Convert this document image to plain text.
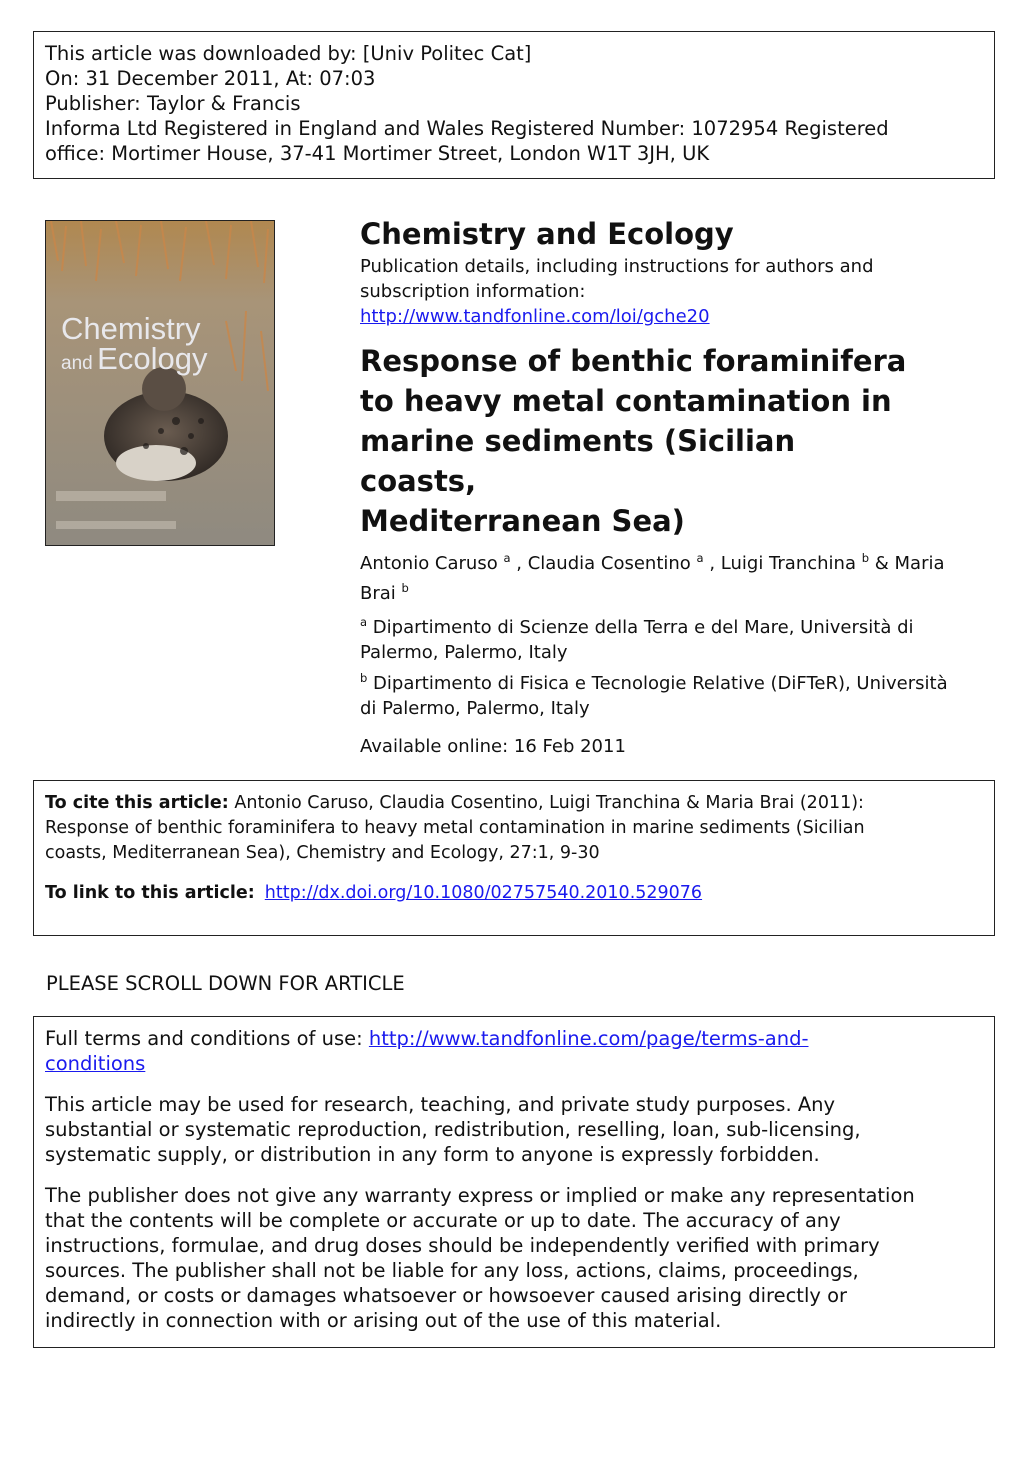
This article was downloaded by: [Univ Politec Cat]
On: 31 December 2011, At: 07:03
Publisher: Taylor & Francis
Informa Ltd Registered in England and Wales Registered Number: 1072954 Registered
office: Mortimer House, 37-41 Mortimer Street, London W1T 3JH, UK
Chemistry
and Ecology
Chemistry and Ecology
Publication details, including instructions for authors and
subscription information:
http://www.tandfonline.com/loi/gche20
Response of benthic foraminifera
to heavy metal contamination in
marine sediments (Sicilian coasts,
Mediterranean Sea)
Antonio Caruso $^a$ , Claudia Cosentino $^a$ , Luigi Tranchina $^b$ & Maria
Brai $^b$
$^a$ Dipartimento di Scienze della Terra e del Mare, Università di
Palermo, Palermo, Italy
$^b$ Dipartimento di Fisica e Tecnologie Relative (DiFTeR), Università
di Palermo, Palermo, Italy
Available online: 16 Feb 2011
To cite this article: Antonio Caruso, Claudia Cosentino, Luigi Tranchina & Maria Brai (2011):
Response of benthic foraminifera to heavy metal contamination in marine sediments (Sicilian
coasts, Mediterranean Sea), Chemistry and Ecology, 27:1, 9-30
To link to this article: http://dx.doi.org/10.1080/02757540.2010.529076
PLEASE SCROLL DOWN FOR ARTICLE

Full terms and conditions of use: http://www.tandfonline.com/page/terms-and-
conditions

This article may be used for research, teaching, and private study purposes. Any
substantial or systematic reproduction, redistribution, reselling, loan, sub-licensing,
systematic supply, or distribution in any form to anyone is expressly forbidden.

The publisher does not give any warranty express or implied or make any representation
that the contents will be complete or accurate or up to date. The accuracy of any
instructions, formulae, and drug doses should be independently verified with primary
sources. The publisher shall not be liable for any loss, actions, claims, proceedings,
demand, or costs or damages whatsoever or howsoever caused arising directly or
indirectly in connection with or arising out of the use of this material.
